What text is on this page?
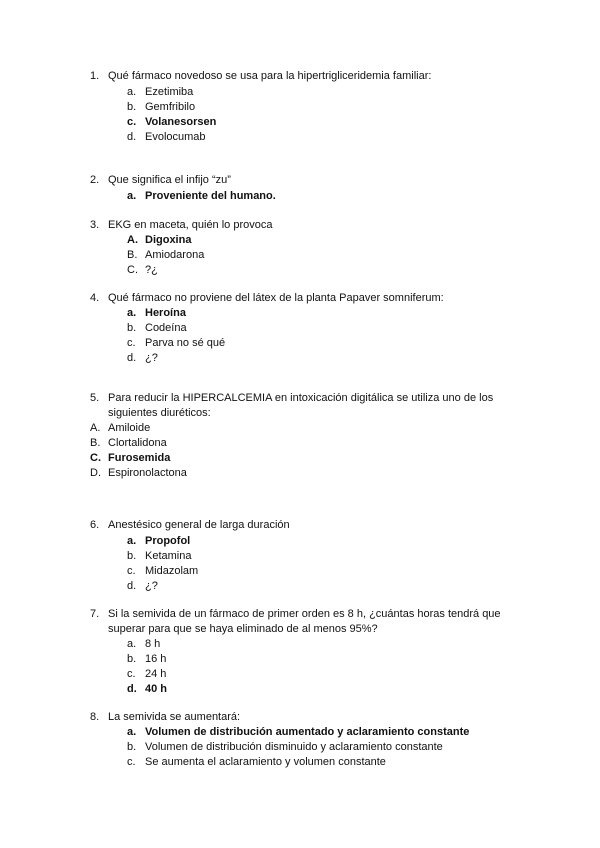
1. Qué fármaco novedoso se usa para la hipertrigliceridemia familiar:
a. Ezetimiba
b. Gemfribilo
c. Volanesorsen
d. Evolocumab
2. Que significa el infijo “zu”
a. Proveniente del humano.
3. EKG en maceta, quién lo provoca
A. Digoxina
B. Amiodarona
C. ?¿
4. Qué fármaco no proviene del látex de la planta Papaver somniferum:
a. Heroína
b. Codeína
c. Parva no sé qué
d. ¿?
5. Para reducir la HIPERCALCEMIA en intoxicación digitálica se utiliza uno de los
siguientes diuréticos:
A. Amiloide
B. Clortalidona
C. Furosemida
D. Espironolactona
6. Anestésico general de larga duración
a. Propofol
b. Ketamina
c. Midazolam
d. ¿?
7. Si la semivida de un fármaco de primer orden es 8 h, ¿cuántas horas tendrá que
superar para que se haya eliminado de al menos 95%?
a. 8 h
b. 16 h
c. 24 h
d. 40 h
8. La semivida se aumentará:
a. Volumen de distribución aumentado y aclaramiento constante
b. Volumen de distribución disminuido y aclaramiento constante
c. Se aumenta el aclaramiento y volumen constante
